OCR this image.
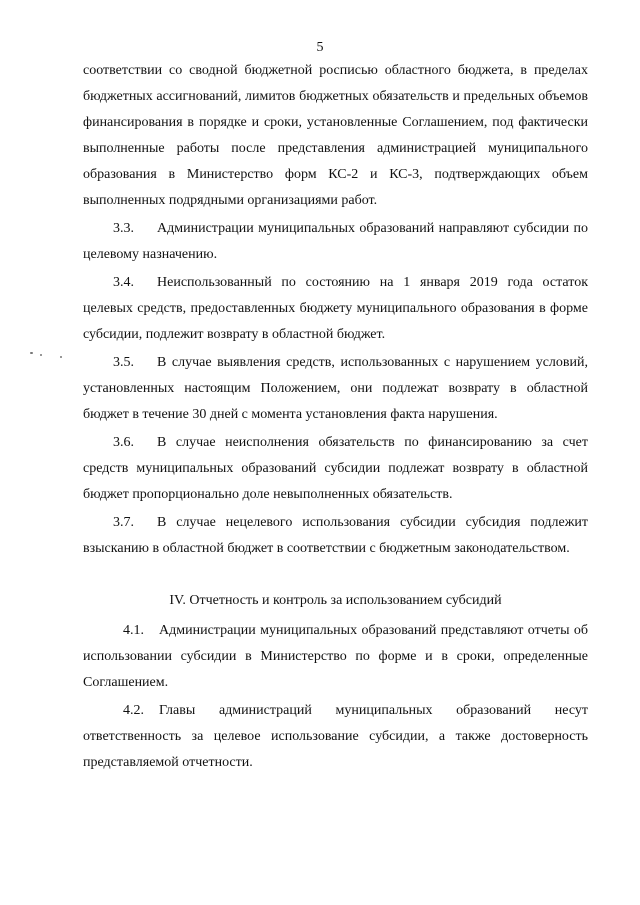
5

соответствии со сводной бюджетной росписью областного бюджета, в пределах бюджетных ассигнований, лимитов бюджетных обязательств и предельных объемов финансирования в порядке и сроки, установленные Соглашением, под фактически выполненные работы после представления администрацией муниципального образования в Министерство форм КС-2 и КС-3, подтверждающих объем выполненных подрядными организациями работ.

3.3. Администрации муниципальных образований направляют субсидии по целевому назначению.

3.4. Неиспользованный по состоянию на 1 января 2019 года остаток целевых средств, предоставленных бюджету муниципального образования в форме субсидии, подлежит возврату в областной бюджет.

3.5. В случае выявления средств, использованных с нарушением условий, установленных настоящим Положением, они подлежат возврату в областной бюджет в течение 30 дней с момента установления факта нарушения.

3.6. В случае неисполнения обязательств по финансированию за счет средств муниципальных образований субсидии подлежат возврату в областной бюджет пропорционально доле невыполненных обязательств.

3.7. В случае нецелевого использования субсидии субсидия подлежит взысканию в областной бюджет в соответствии с бюджетным законодательством.

IV. Отчетность и контроль за использованием субсидий

4.1. Администрации муниципальных образований представляют отчеты об использовании субсидии в Министерство по форме и в сроки, определенные Соглашением.

4.2. Главы администраций муниципальных образований несут ответственность за целевое использование субсидии, а также достоверность представляемой отчетности.
